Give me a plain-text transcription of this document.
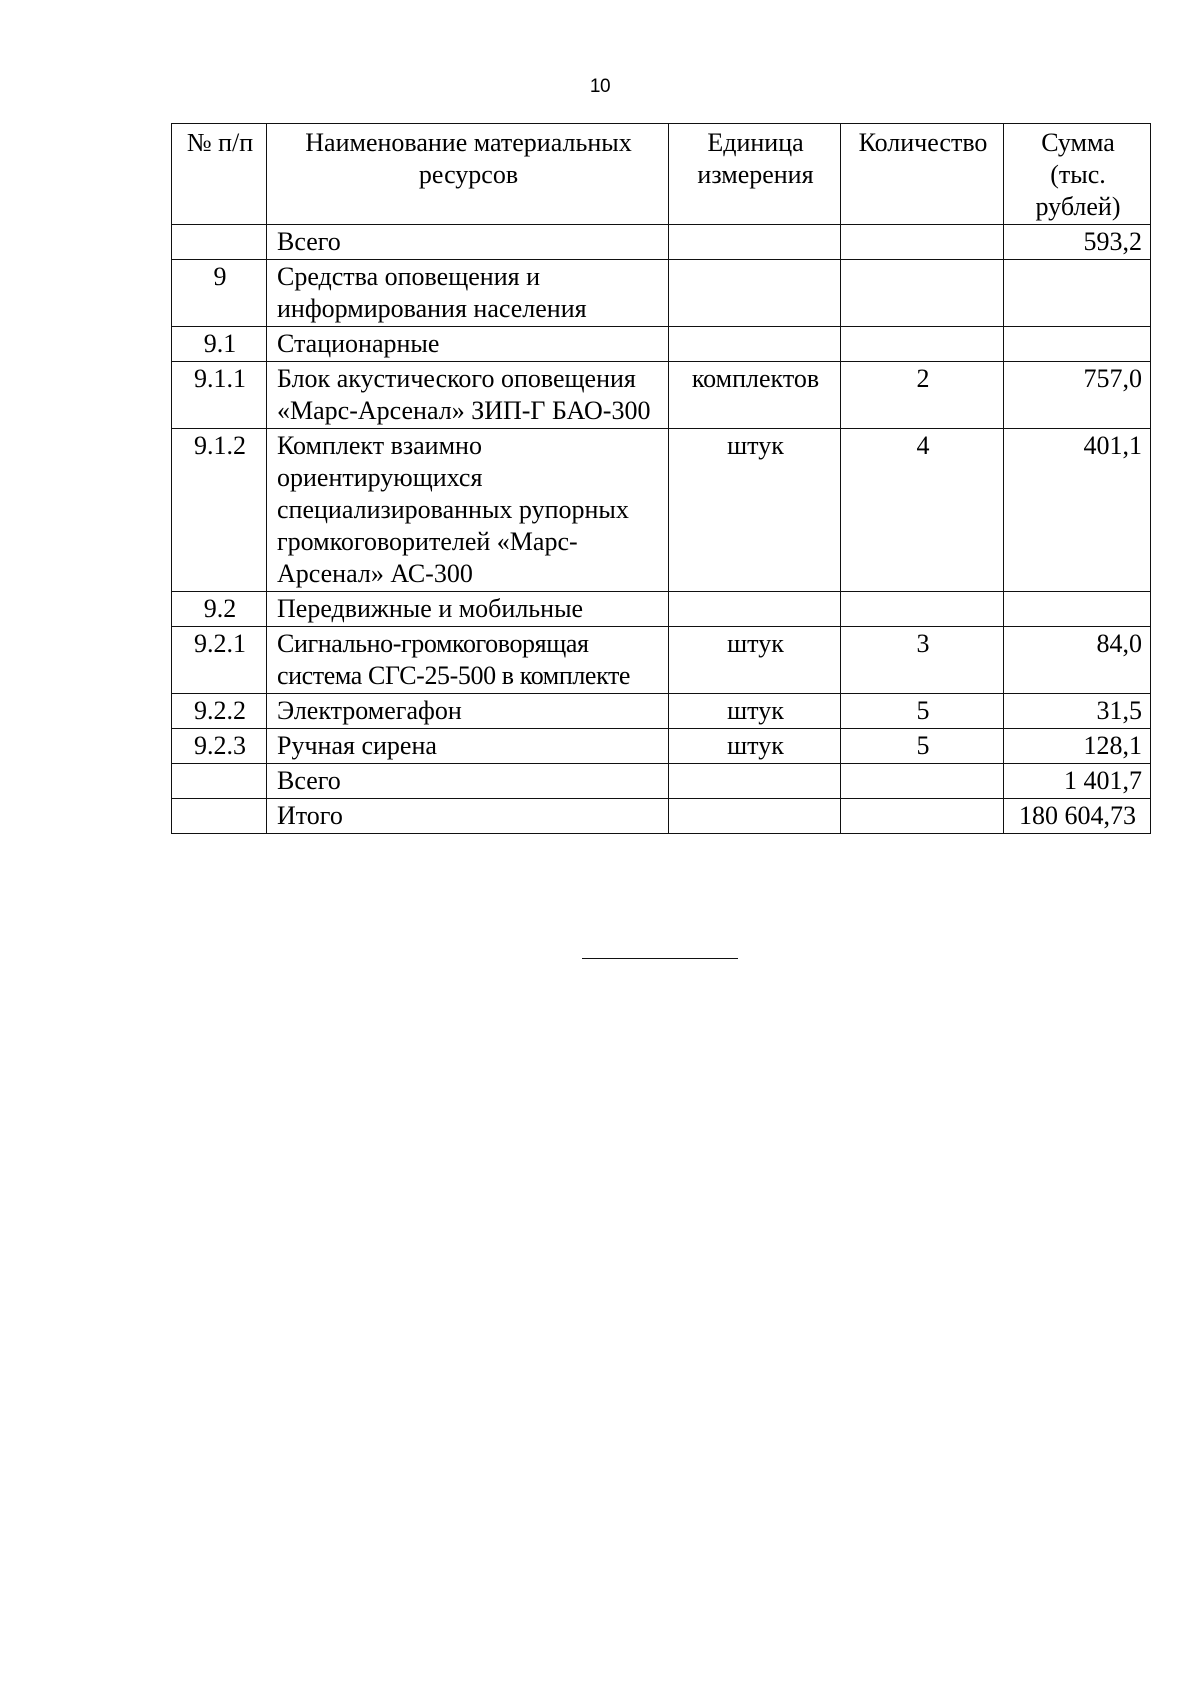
10
№ п/п	Наименование материальных ресурсов	Единица измерения	Количество	Сумма (тыс. рублей)
	Всего			593,2
9	Средства оповещения и информирования населения			
9.1	Стационарные			
9.1.1	Блок акустического оповещения «Марс-Арсенал» ЗИП-Г БАО-300	комплектов	2	757,0
9.1.2	Комплект взаимно ориентирующихся специализированных рупорных громкоговорителей «Марс-Арсенал» АС-300	штук	4	401,1
9.2	Передвижные и мобильные			
9.2.1	Сигнально-громкоговорящая система СГС-25-500 в комплекте	штук	3	84,0
9.2.2	Электромегафон	штук	5	31,5
9.2.3	Ручная сирена	штук	5	128,1
	Всего			1 401,7
	Итого			180 604,73
